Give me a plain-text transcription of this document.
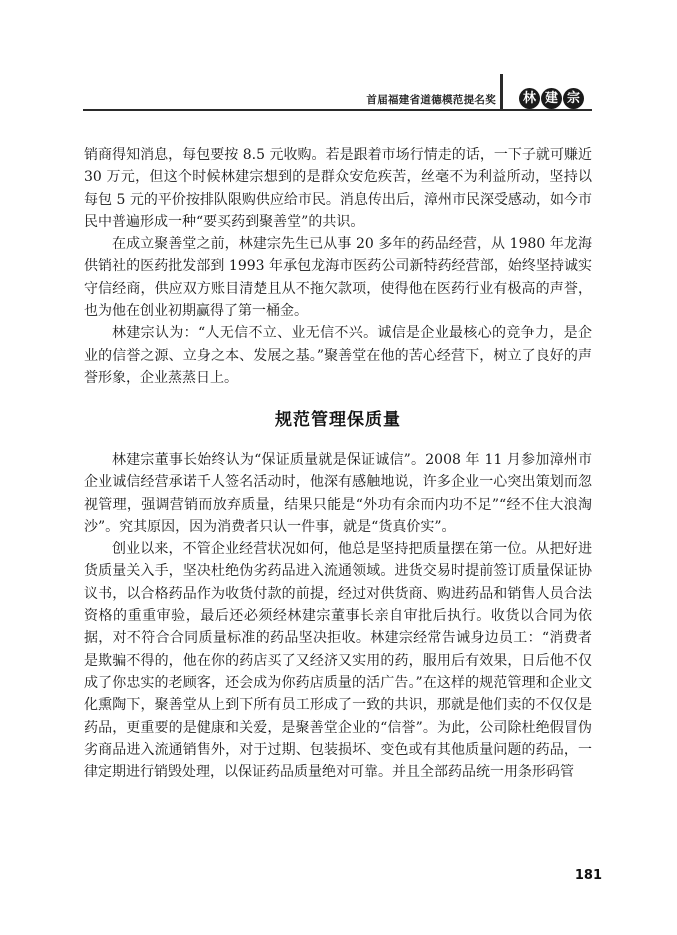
首届福建省道德模范提名奖	林 建 宗

销商得知消息，每包要按 8.5 元收购。若是跟着市场行情走的话，一下子就可赚近 30 万元，但这个时候林建宗想到的是群众安危疾苦，丝毫不为利益所动，坚持以每包 5 元的平价按排队限购供应给市民。消息传出后，漳州市民深受感动，如今市民中普遍形成一种“要买药到聚善堂”的共识。

在成立聚善堂之前，林建宗先生已从事 20 多年的药品经营，从 1980 年龙海供销社的医药批发部到 1993 年承包龙海市医药公司新特药经营部，始终坚持诚实守信经商，供应双方账目清楚且从不拖欠款项，使得他在医药行业有极高的声誉，也为他在创业初期赢得了第一桶金。

林建宗认为：“人无信不立、业无信不兴。诚信是企业最核心的竞争力，是企业的信誉之源、立身之本、发展之基。”聚善堂在他的苦心经营下，树立了良好的声誉形象，企业蒸蒸日上。

规范管理保质量

林建宗董事长始终认为“保证质量就是保证诚信”。2008 年 11 月参加漳州市企业诚信经营承诺千人签名活动时，他深有感触地说，许多企业一心突出策划而忽视管理，强调营销而放弃质量，结果只能是“外功有余而内功不足”“经不住大浪淘沙”。究其原因，因为消费者只认一件事，就是“货真价实”。

创业以来，不管企业经营状况如何，他总是坚持把质量摆在第一位。从把好进货质量关入手，坚决杜绝伪劣药品进入流通领域。进货交易时提前签订质量保证协议书，以合格药品作为收货付款的前提，经过对供货商、购进药品和销售人员合法资格的重重审验，最后还必须经林建宗董事长亲自审批后执行。收货以合同为依据，对不符合合同质量标准的药品坚决拒收。林建宗经常告诫身边员工：“消费者是欺骗不得的，他在你的药店买了又经济又实用的药，服用后有效果，日后他不仅成了你忠实的老顾客，还会成为你药店质量的活广告。”在这样的规范管理和企业文化熏陶下，聚善堂从上到下所有员工形成了一致的共识，那就是他们卖的不仅仅是药品，更重要的是健康和关爱，是聚善堂企业的“信誉”。为此，公司除杜绝假冒伪劣商品进入流通销售外，对于过期、包装损坏、变色或有其他质量问题的药品，一律定期进行销毁处理，以保证药品质量绝对可靠。并且全部药品统一用条形码管

181
